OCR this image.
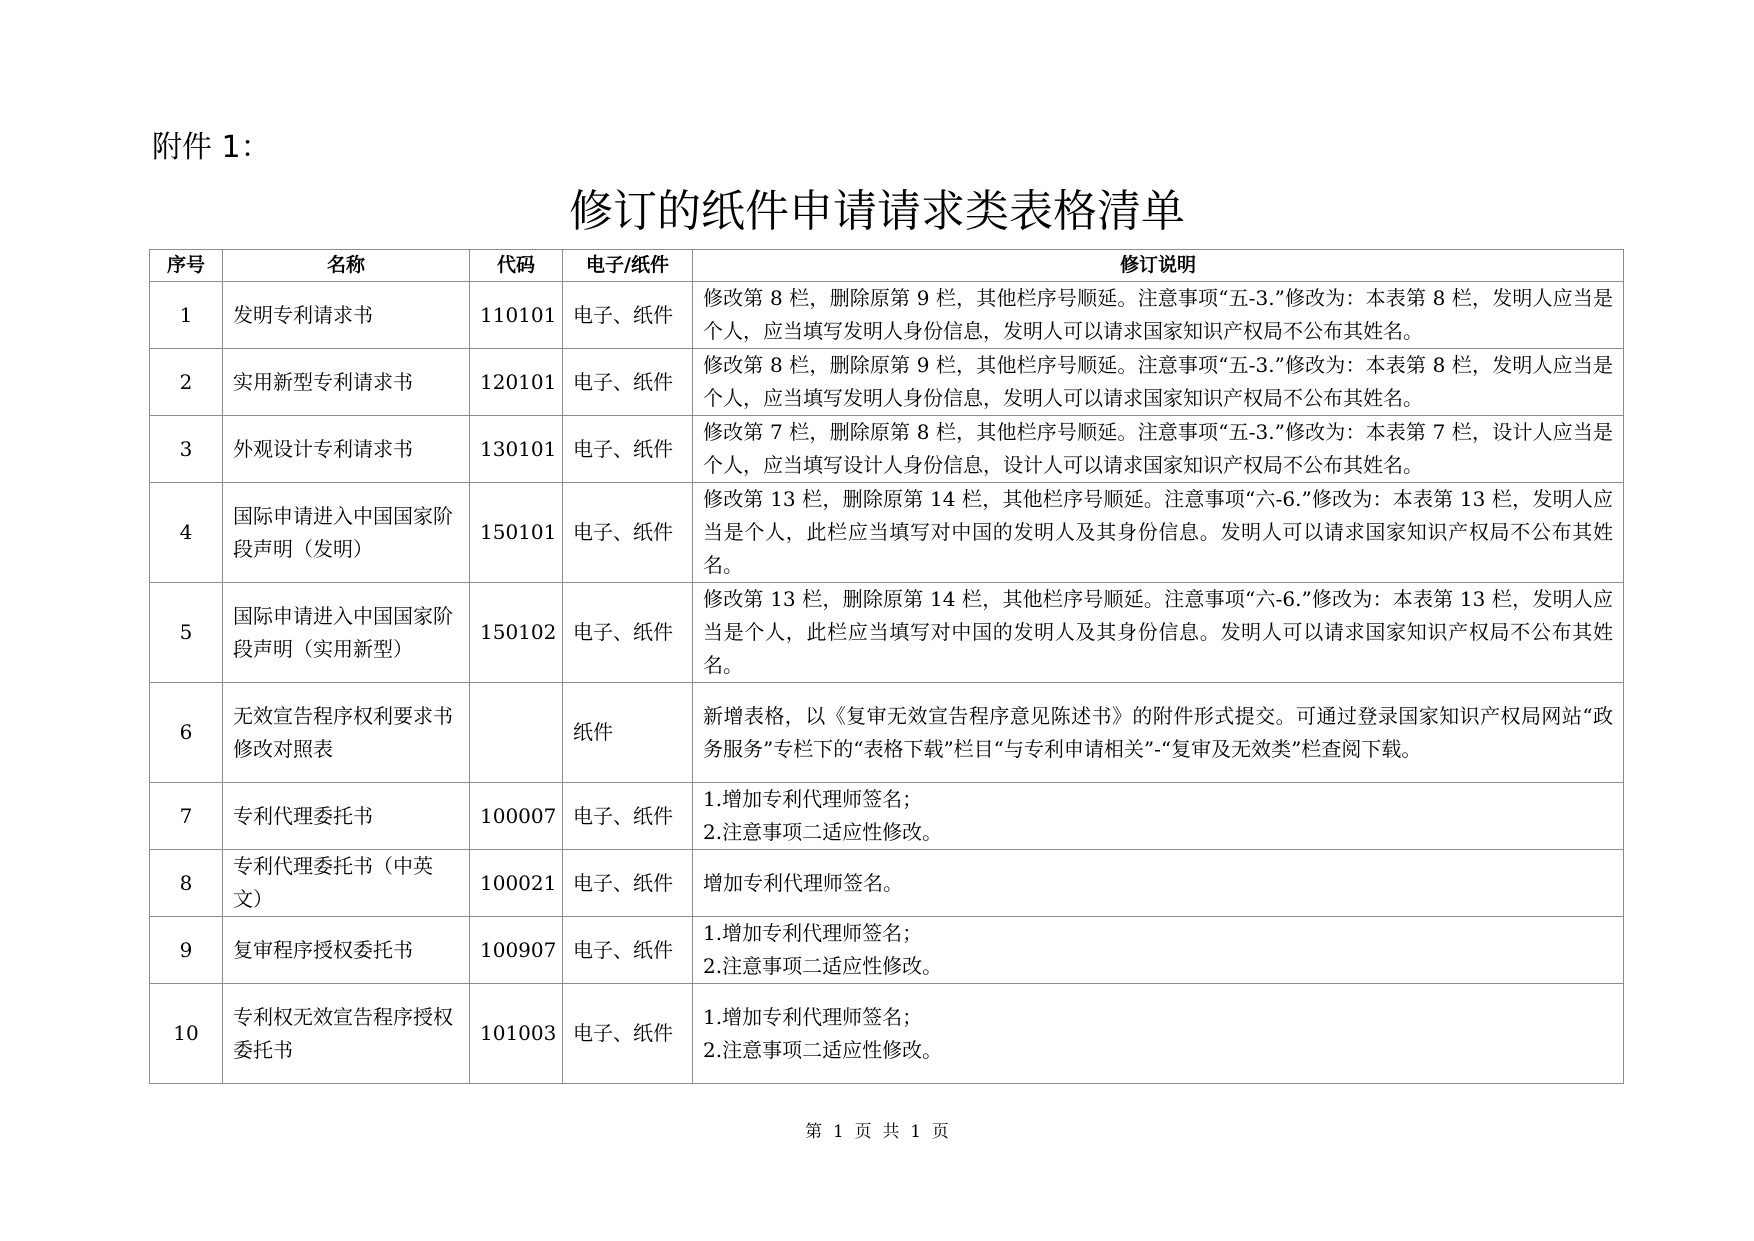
附件 1：
修订的纸件申请请求类表格清单
序号	名称	代码	电子/纸件	修订说明
1	发明专利请求书	110101	电子、纸件	修改第 8 栏，删除原第 9 栏，其他栏序号顺延。注意事项“五-3.”修改为：本表第 8 栏，发明人应当是个人，应当填写发明人身份信息，发明人可以请求国家知识产权局不公布其姓名。

2	实用新型专利请求书	120101	电子、纸件	修改第 8 栏，删除原第 9 栏，其他栏序号顺延。注意事项“五-3.”修改为：本表第 8 栏，发明人应当是个人，应当填写发明人身份信息，发明人可以请求国家知识产权局不公布其姓名。

3	外观设计专利请求书	130101	电子、纸件	修改第 7 栏，删除原第 8 栏，其他栏序号顺延。注意事项“五-3.”修改为：本表第 7 栏，设计人应当是个人，应当填写设计人身份信息，设计人可以请求国家知识产权局不公布其姓名。

4	国际申请进入中国国家阶段声明（发明）	150101	电子、纸件	修改第 13 栏，删除原第 14 栏，其他栏序号顺延。注意事项“六-6.”修改为：本表第 13 栏，发明人应当是个人，此栏应当填写对中国的发明人及其身份信息。发明人可以请求国家知识产权局不公布其姓名。

5	国际申请进入中国国家阶段声明（实用新型）	150102	电子、纸件	修改第 13 栏，删除原第 14 栏，其他栏序号顺延。注意事项“六-6.”修改为：本表第 13 栏，发明人应当是个人，此栏应当填写对中国的发明人及其身份信息。发明人可以请求国家知识产权局不公布其姓名。

6	无效宣告程序权利要求书修改对照表		纸件	新增表格，以《复审无效宣告程序意见陈述书》的附件形式提交。可通过登录国家知识产权局网站“政务服务”专栏下的“表格下载”栏目“与专利申请相关”-“复审及无效类”栏查阅下载。

7	专利代理委托书	100007	电子、纸件	1.增加专利代理师签名；
2.注意事项二适应性修改。

8	专利代理委托书（中英文）	100021	电子、纸件	增加专利代理师签名。

9	复审程序授权委托书	100907	电子、纸件	1.增加专利代理师签名；
2.注意事项二适应性修改。

10	专利权无效宣告程序授权委托书	101003	电子、纸件	1.增加专利代理师签名；
2.注意事项二适应性修改。
第  1  页  共  1  页
